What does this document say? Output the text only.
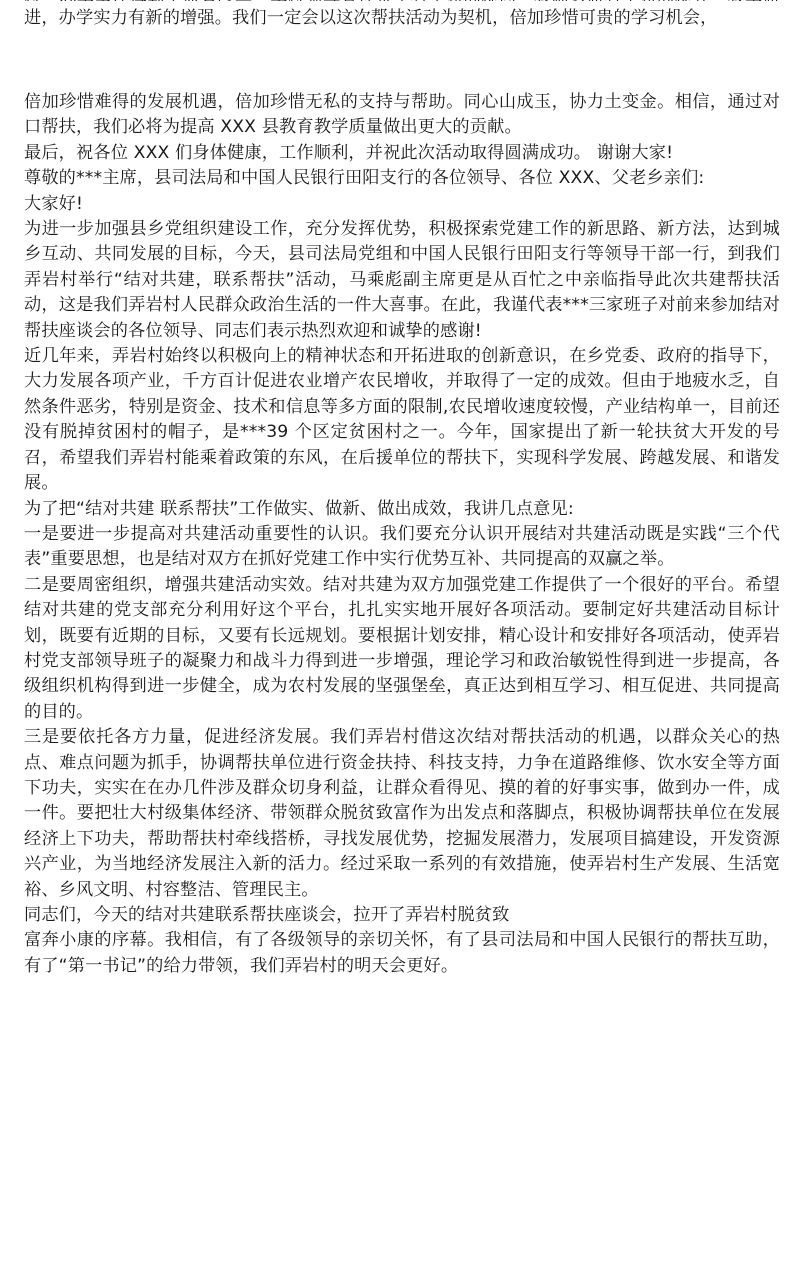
进，办学实力有新的增强。我们一定会以这次帮扶活动为契机，倍加珍惜可贵的学习机会，

倍加珍惜难得的发展机遇，倍加珍惜无私的支持与帮助。同心山成玉，协力土变金。相信，通过对口帮扶，我们必将为提高 XXX 县教育教学质量做出更大的贡献。

最后，祝各位 XXX 们身体健康，工作顺利，并祝此次活动取得圆满成功。 谢谢大家!

尊敬的***主席，县司法局和中国人民银行田阳支行的各位领导、各位 XXX、父老乡亲们:

大家好!

为进一步加强县乡党组织建设工作，充分发挥优势，积极探索党建工作的新思路、新方法，达到城乡互动、共同发展的目标，今天，县司法局党组和中国人民银行田阳支行等领导干部一行，到我们弄岩村举行“结对共建，联系帮扶”活动，马乘彪副主席更是从百忙之中亲临指导此次共建帮扶活动，这是我们弄岩村人民群众政治生活的一件大喜事。在此，我谨代表***三家班子对前来参加结对帮扶座谈会的各位领导、同志们表示热烈欢迎和诚挚的感谢!

近几年来，弄岩村始终以积极向上的精神状态和开拓进取的创新意识，在乡党委、政府的指导下，大力发展各项产业，千方百计促进农业增产农民增收，并取得了一定的成效。但由于地疲水乏，自然条件恶劣，特别是资金、技术和信息等多方面的限制,农民增收速度较慢，产业结构单一，目前还没有脱掉贫困村的帽子，是***39 个区定贫困村之一。今年，国家提出了新一轮扶贫大开发的号召，希望我们弄岩村能乘着政策的东风，在后援单位的帮扶下，实现科学发展、跨越发展、和谐发展。

为了把“结对共建 联系帮扶”工作做实、做新、做出成效，我讲几点意见:

一是要进一步提高对共建活动重要性的认识。我们要充分认识开展结对共建活动既是实践“三个代表”重要思想，也是结对双方在抓好党建工作中实行优势互补、共同提高的双赢之举。

二是要周密组织，增强共建活动实效。结对共建为双方加强党建工作提供了一个很好的平台。希望结对共建的党支部充分利用好这个平台，扎扎实实地开展好各项活动。要制定好共建活动目标计划，既要有近期的目标，又要有长远规划。要根据计划安排，精心设计和安排好各项活动，使弄岩村党支部领导班子的凝聚力和战斗力得到进一步增强，理论学习和政治敏锐性得到进一步提高，各级组织机构得到进一步健全，成为农村发展的坚强堡垒，真正达到相互学习、相互促进、共同提高的目的。

三是要依托各方力量，促进经济发展。我们弄岩村借这次结对帮扶活动的机遇，以群众关心的热点、难点问题为抓手，协调帮扶单位进行资金扶持、科技支持，力争在道路维修、饮水安全等方面下功夫，实实在在办几件涉及群众切身利益，让群众看得见、摸的着的好事实事，做到办一件，成一件。要把壮大村级集体经济、带领群众脱贫致富作为出发点和落脚点，积极协调帮扶单位在发展经济上下功夫，帮助帮扶村牵线搭桥，寻找发展优势，挖掘发展潜力，发展项目搞建设，开发资源兴产业，为当地经济发展注入新的活力。经过采取一系列的有效措施，使弄岩村生产发展、生活宽裕、乡风文明、村容整洁、管理民主。

同志们，今天的结对共建联系帮扶座谈会，拉开了弄岩村脱贫致

富奔小康的序幕。我相信，有了各级领导的亲切关怀，有了县司法局和中国人民银行的帮扶互助，有了“第一书记”的给力带领，我们弄岩村的明天会更好。
